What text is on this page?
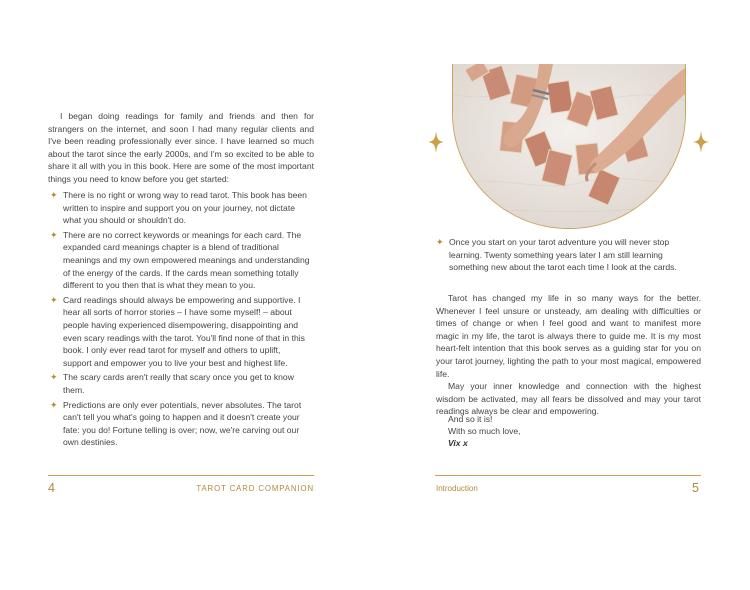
I began doing readings for family and friends and then for strangers on the internet, and soon I had many regular clients and I've been reading professionally ever since. I have learned so much about the tarot since the early 2000s, and I'm so excited to be able to share it all with you in this book. Here are some of the most important things you need to know before you get started:

✦ There is no right or wrong way to read tarot. This book has been written to inspire and support you on your journey, not dictate what you should or shouldn't do.
✦ There are no correct keywords or meanings for each card. The expanded card meanings chapter is a blend of traditional meanings and my own empowered meanings and understanding of the energy of the cards. If the cards mean something totally different to you then that is what they mean to you.
✦ Card readings should always be empowering and supportive. I hear all sorts of horror stories – I have some myself! – about people having experienced disempowering, disappointing and even scary readings with the tarot. You'll find none of that in this book. I only ever read tarot for myself and others to uplift, support and empower you to live your best and highest life.
✦ The scary cards aren't really that scary once you get to know them.
✦ Predictions are only ever potentials, never absolutes. The tarot can't tell you what's going to happen and it doesn't create your fate: you do! Fortune telling is over; now, we're carving out our own destinies.
4	TAROT CARD COMPANION
✦ Once you start on your tarot adventure you will never stop learning. Twenty something years later I am still learning something new about the tarot each time I look at the cards.

Tarot has changed my life in so many ways for the better. Whenever I feel unsure or unsteady, am dealing with difficulties or times of change or when I feel good and want to manifest more magic in my life, the tarot is always there to guide me. It is my most heart-felt intention that this book serves as a guiding star for you on your tarot journey, lighting the path to your most magical, empowered life.

May your inner knowledge and connection with the highest wisdom be activated, may all fears be dissolved and may your tarot readings always be clear and empowering.

And so it is!

With so much love,

Vix x

Introduction	5
